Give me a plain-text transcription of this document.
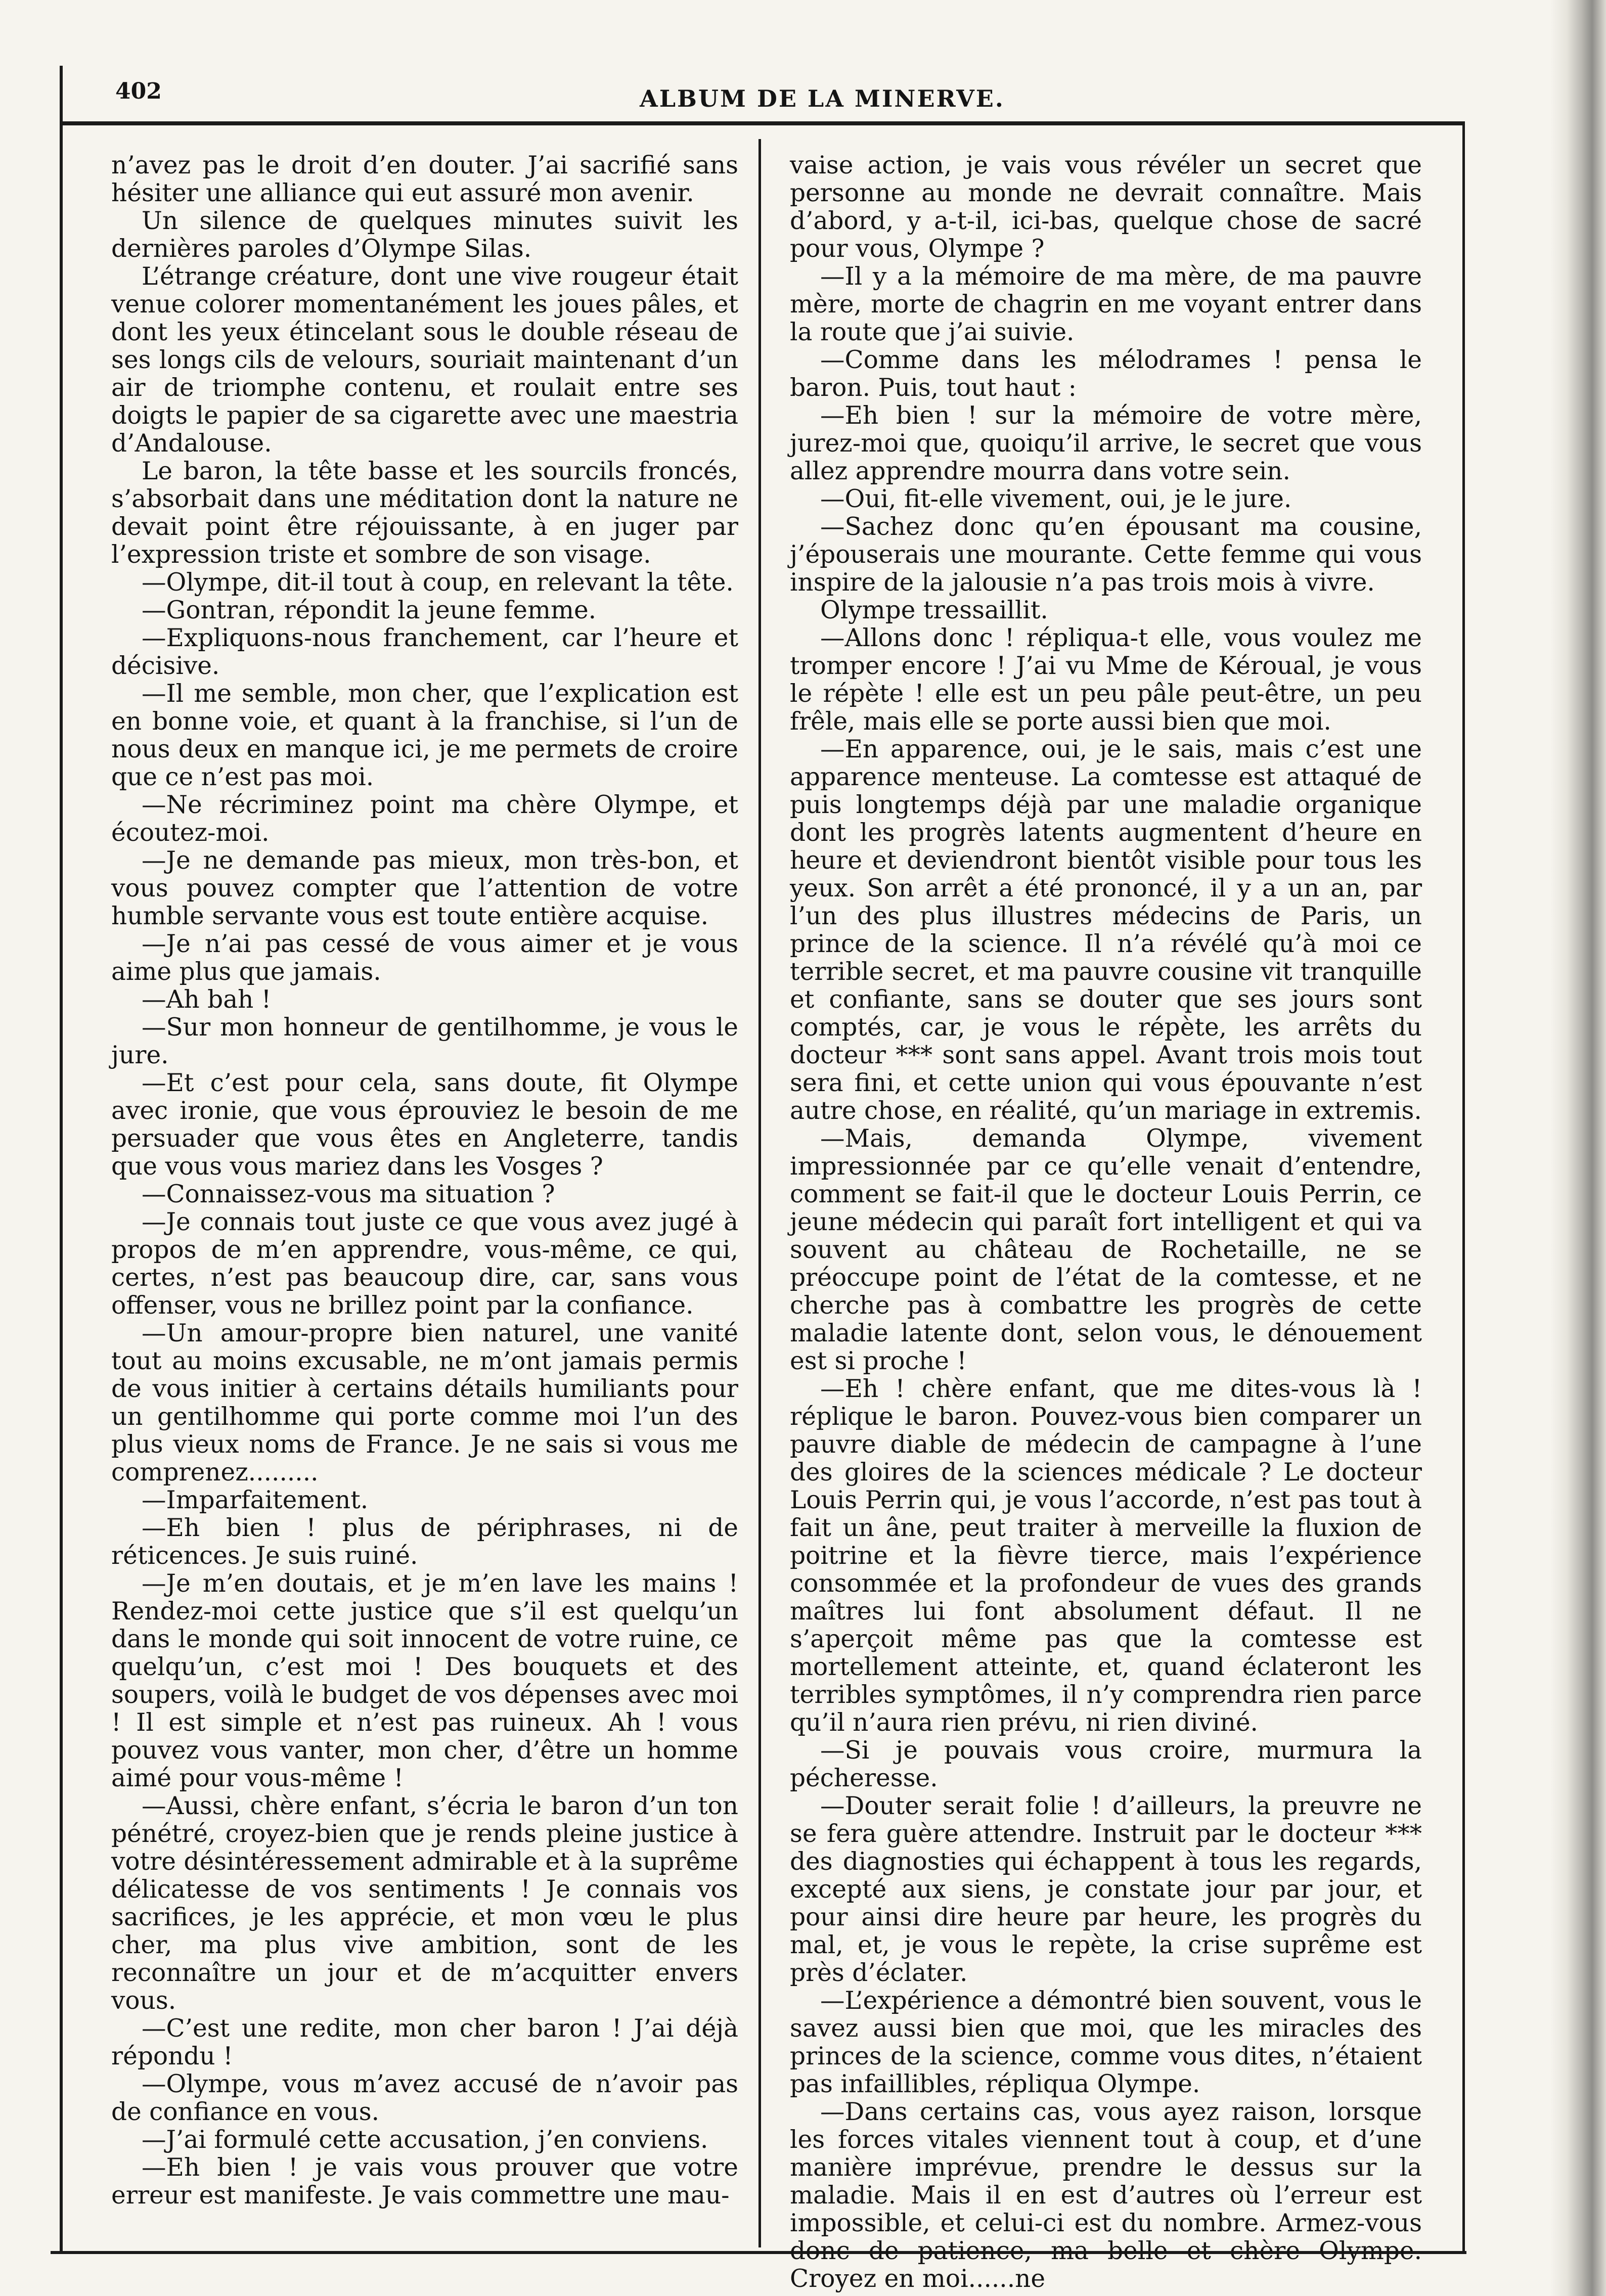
402	ALBUM DE LA MINERVE.

n’avez pas le droit d’en douter. J’ai sacrifié sans hésiter une alliance qui eut assuré mon avenir.

Un silence de quelques minutes suivit les dernières paroles d’Olympe Silas.

L’étrange créature, dont une vive rougeur était venue colorer momentanément les joues pâles, et dont les yeux étincelant sous le double réseau de ses longs cils de velours, souriait maintenant d’un air de triomphe contenu, et roulait entre ses doigts le papier de sa cigarette avec une maestria d’Andalouse.

Le baron, la tête basse et les sourcils froncés, s’absorbait dans une méditation dont la nature ne devait point être réjouissante, à en juger par l’expression triste et sombre de son visage.

—Olympe, dit-il tout à coup, en relevant la tête.

—Gontran, répondit la jeune femme.

—Expliquons-nous franchement, car l’heure et décisive.

—Il me semble, mon cher, que l’explication est en bonne voie, et quant à la franchise, si l’un de nous deux en manque ici, je me permets de croire que ce n’est pas moi.

—Ne récriminez point ma chère Olympe, et écoutez-moi.

—Je ne demande pas mieux, mon très-bon, et vous pouvez compter que l’attention de votre humble servante vous est toute entière acquise.

—Je n’ai pas cessé de vous aimer et je vous aime plus que jamais.

—Ah bah !

—Sur mon honneur de gentilhomme, je vous le jure.

—Et c’est pour cela, sans doute, fit Olympe avec ironie, que vous éprouviez le besoin de me persuader que vous êtes en Angleterre, tandis que vous vous mariez dans les Vosges ?

—Connaissez-vous ma situation ?

—Je connais tout juste ce que vous avez jugé à propos de m’en apprendre, vous-même, ce qui, certes, n’est pas beaucoup dire, car, sans vous offenser, vous ne brillez point par la confiance.

—Un amour-propre bien naturel, une vanité tout au moins excusable, ne m’ont jamais permis de vous initier à certains détails humiliants pour un gentilhomme qui porte comme moi l’un des plus vieux noms de France. Je ne sais si vous me comprenez.........

—Imparfaitement.

—Eh bien ! plus de périphrases, ni de réticences. Je suis ruiné.

—Je m’en doutais, et je m’en lave les mains ! Rendez-moi cette justice que s’il est quelqu’un dans le monde qui soit innocent de votre ruine, ce quelqu’un, c’est moi ! Des bouquets et des soupers, voilà le budget de vos dépenses avec moi ! Il est simple et n’est pas ruineux. Ah ! vous pouvez vous vanter, mon cher, d’être un homme aimé pour vous-même !

—Aussi, chère enfant, s’écria le baron d’un ton pénétré, croyez-bien que je rends pleine justice à votre désintéressement admirable et à la suprême délicatesse de vos sentiments ! Je connais vos sacrifices, je les apprécie, et mon vœu le plus cher, ma plus vive ambition, sont de les reconnaître un jour et de m’acquitter envers vous.

—C’est une redite, mon cher baron ! J’ai déjà répondu !

—Olympe, vous m’avez accusé de n’avoir pas de confiance en vous.

—J’ai formulé cette accusation, j’en conviens.

—Eh bien ! je vais vous prouver que votre erreur est manifeste. Je vais commettre une mau-

vaise action, je vais vous révéler un secret que personne au monde ne devrait connaître. Mais d’abord, y a-t-il, ici-bas, quelque chose de sacré pour vous, Olympe ?

—Il y a la mémoire de ma mère, de ma pauvre mère, morte de chagrin en me voyant entrer dans la route que j’ai suivie.

—Comme dans les mélodrames ! pensa le baron. Puis, tout haut :

—Eh bien ! sur la mémoire de votre mère, jurez-moi que, quoiqu’il arrive, le secret que vous allez apprendre mourra dans votre sein.

—Oui, fit-elle vivement, oui, je le jure.

—Sachez donc qu’en épousant ma cousine, j’épouserais une mourante. Cette femme qui vous inspire de la jalousie n’a pas trois mois à vivre.

Olympe tressaillit.

—Allons donc ! répliqua-t elle, vous voulez me tromper encore ! J’ai vu Mme de Kéroual, je vous le répète ! elle est un peu pâle peut-être, un peu frêle, mais elle se porte aussi bien que moi.

—En apparence, oui, je le sais, mais c’est une apparence menteuse. La comtesse est attaqué de puis longtemps déjà par une maladie organique dont les progrès latents augmentent d’heure en heure et deviendront bientôt visible pour tous les yeux. Son arrêt a été prononcé, il y a un an, par l’un des plus illustres médecins de Paris, un prince de la science. Il n’a révélé qu’à moi ce terrible secret, et ma pauvre cousine vit tranquille et confiante, sans se douter que ses jours sont comptés, car, je vous le répète, les arrêts du docteur *** sont sans appel. Avant trois mois tout sera fini, et cette union qui vous épouvante n’est autre chose, en réalité, qu’un mariage in extremis.

—Mais, demanda Olympe, vivement impressionnée par ce qu’elle venait d’entendre, comment se fait-il que le docteur Louis Perrin, ce jeune médecin qui paraît fort intelligent et qui va souvent au château de Rochetaille, ne se préoccupe point de l’état de la comtesse, et ne cherche pas à combattre les progrès de cette maladie latente dont, selon vous, le dénouement est si proche !

—Eh ! chère enfant, que me dites-vous là ! réplique le baron. Pouvez-vous bien comparer un pauvre diable de médecin de campagne à l’une des gloires de la sciences médicale ? Le docteur Louis Perrin qui, je vous l’accorde, n’est pas tout à fait un âne, peut traiter à merveille la fluxion de poitrine et la fièvre tierce, mais l’expérience consommée et la profondeur de vues des grands maîtres lui font absolument défaut. Il ne s’aperçoit même pas que la comtesse est mortellement atteinte, et, quand éclateront les terribles symptômes, il n’y comprendra rien parce qu’il n’aura rien prévu, ni rien diviné.

—Si je pouvais vous croire, murmura la pécheresse.

—Douter serait folie ! d’ailleurs, la preuvre ne se fera guère attendre. Instruit par le docteur *** des diagnosties qui échappent à tous les regards, excepté aux siens, je constate jour par jour, et pour ainsi dire heure par heure, les progrès du mal, et, je vous le repète, la crise suprême est près d’éclater.

—L’expérience a démontré bien souvent, vous le savez aussi bien que moi, que les miracles des princes de la science, comme vous dites, n’étaient pas infaillibles, répliqua Olympe.

—Dans certains cas, vous ayez raison, lorsque les forces vitales viennent tout à coup, et d’une manière imprévue, prendre le dessus sur la maladie. Mais il en est d’autres où l’erreur est impossible, et celui-ci est du nombre. Armez-vous donc de patience, ma belle et chère Olympe. Croyez en moi......ne
